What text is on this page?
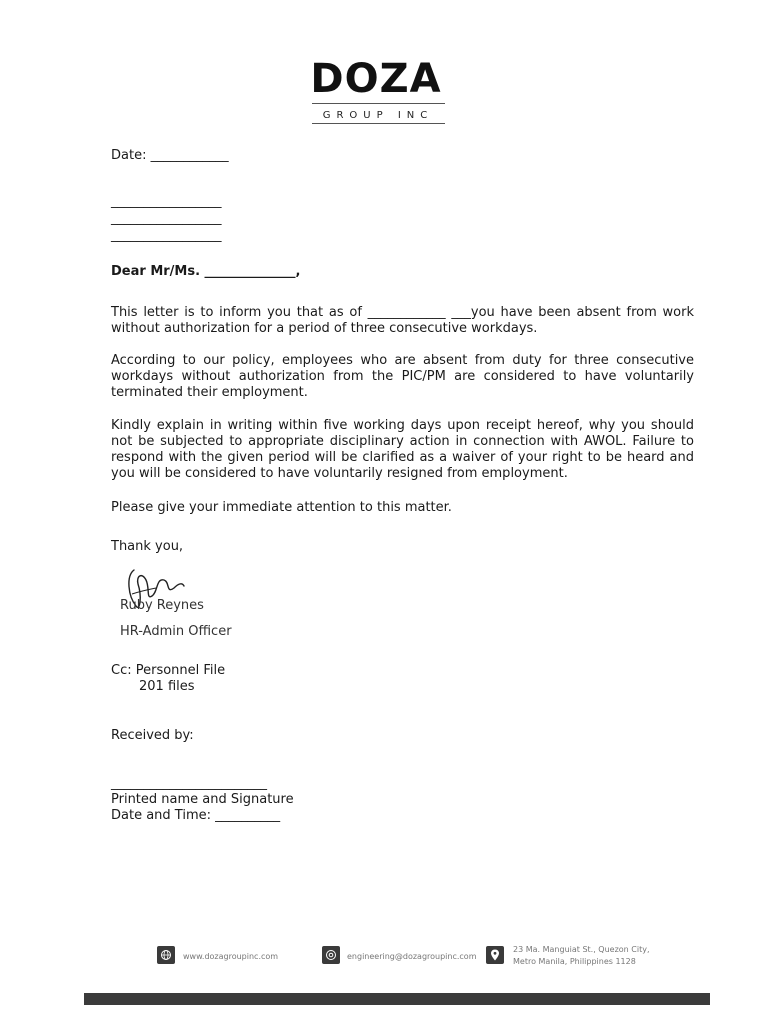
DOZA
GROUP INC
Date: ____________
_________________
_________________
_________________
Dear Mr/Ms. ______________,
This letter is to inform you that as of ____________ ___you have been absent from work without authorization for a period of three consecutive workdays.
According to our policy, employees who are absent from duty for three consecutive workdays without authorization from the PIC/PM are considered to have voluntarily terminated their employment.
Kindly explain in writing within five working days upon receipt hereof, why you should not be subjected to appropriate disciplinary action in connection with AWOL. Failure to respond with the given period will be clarified as a waiver of your right to be heard and you will be considered to have voluntarily resigned from employment.
Please give your immediate attention to this matter.
Thank you,
Ruby Reynes
HR-Admin Officer
Cc: Personnel File
201 files
Received by:
________________________
Printed name and Signature
Date and Time: __________
www.dozagroupinc.com	engineering@dozagroupinc.com
23 Ma. Manguiat St., Quezon City,
Metro Manila, Philippines 1128
